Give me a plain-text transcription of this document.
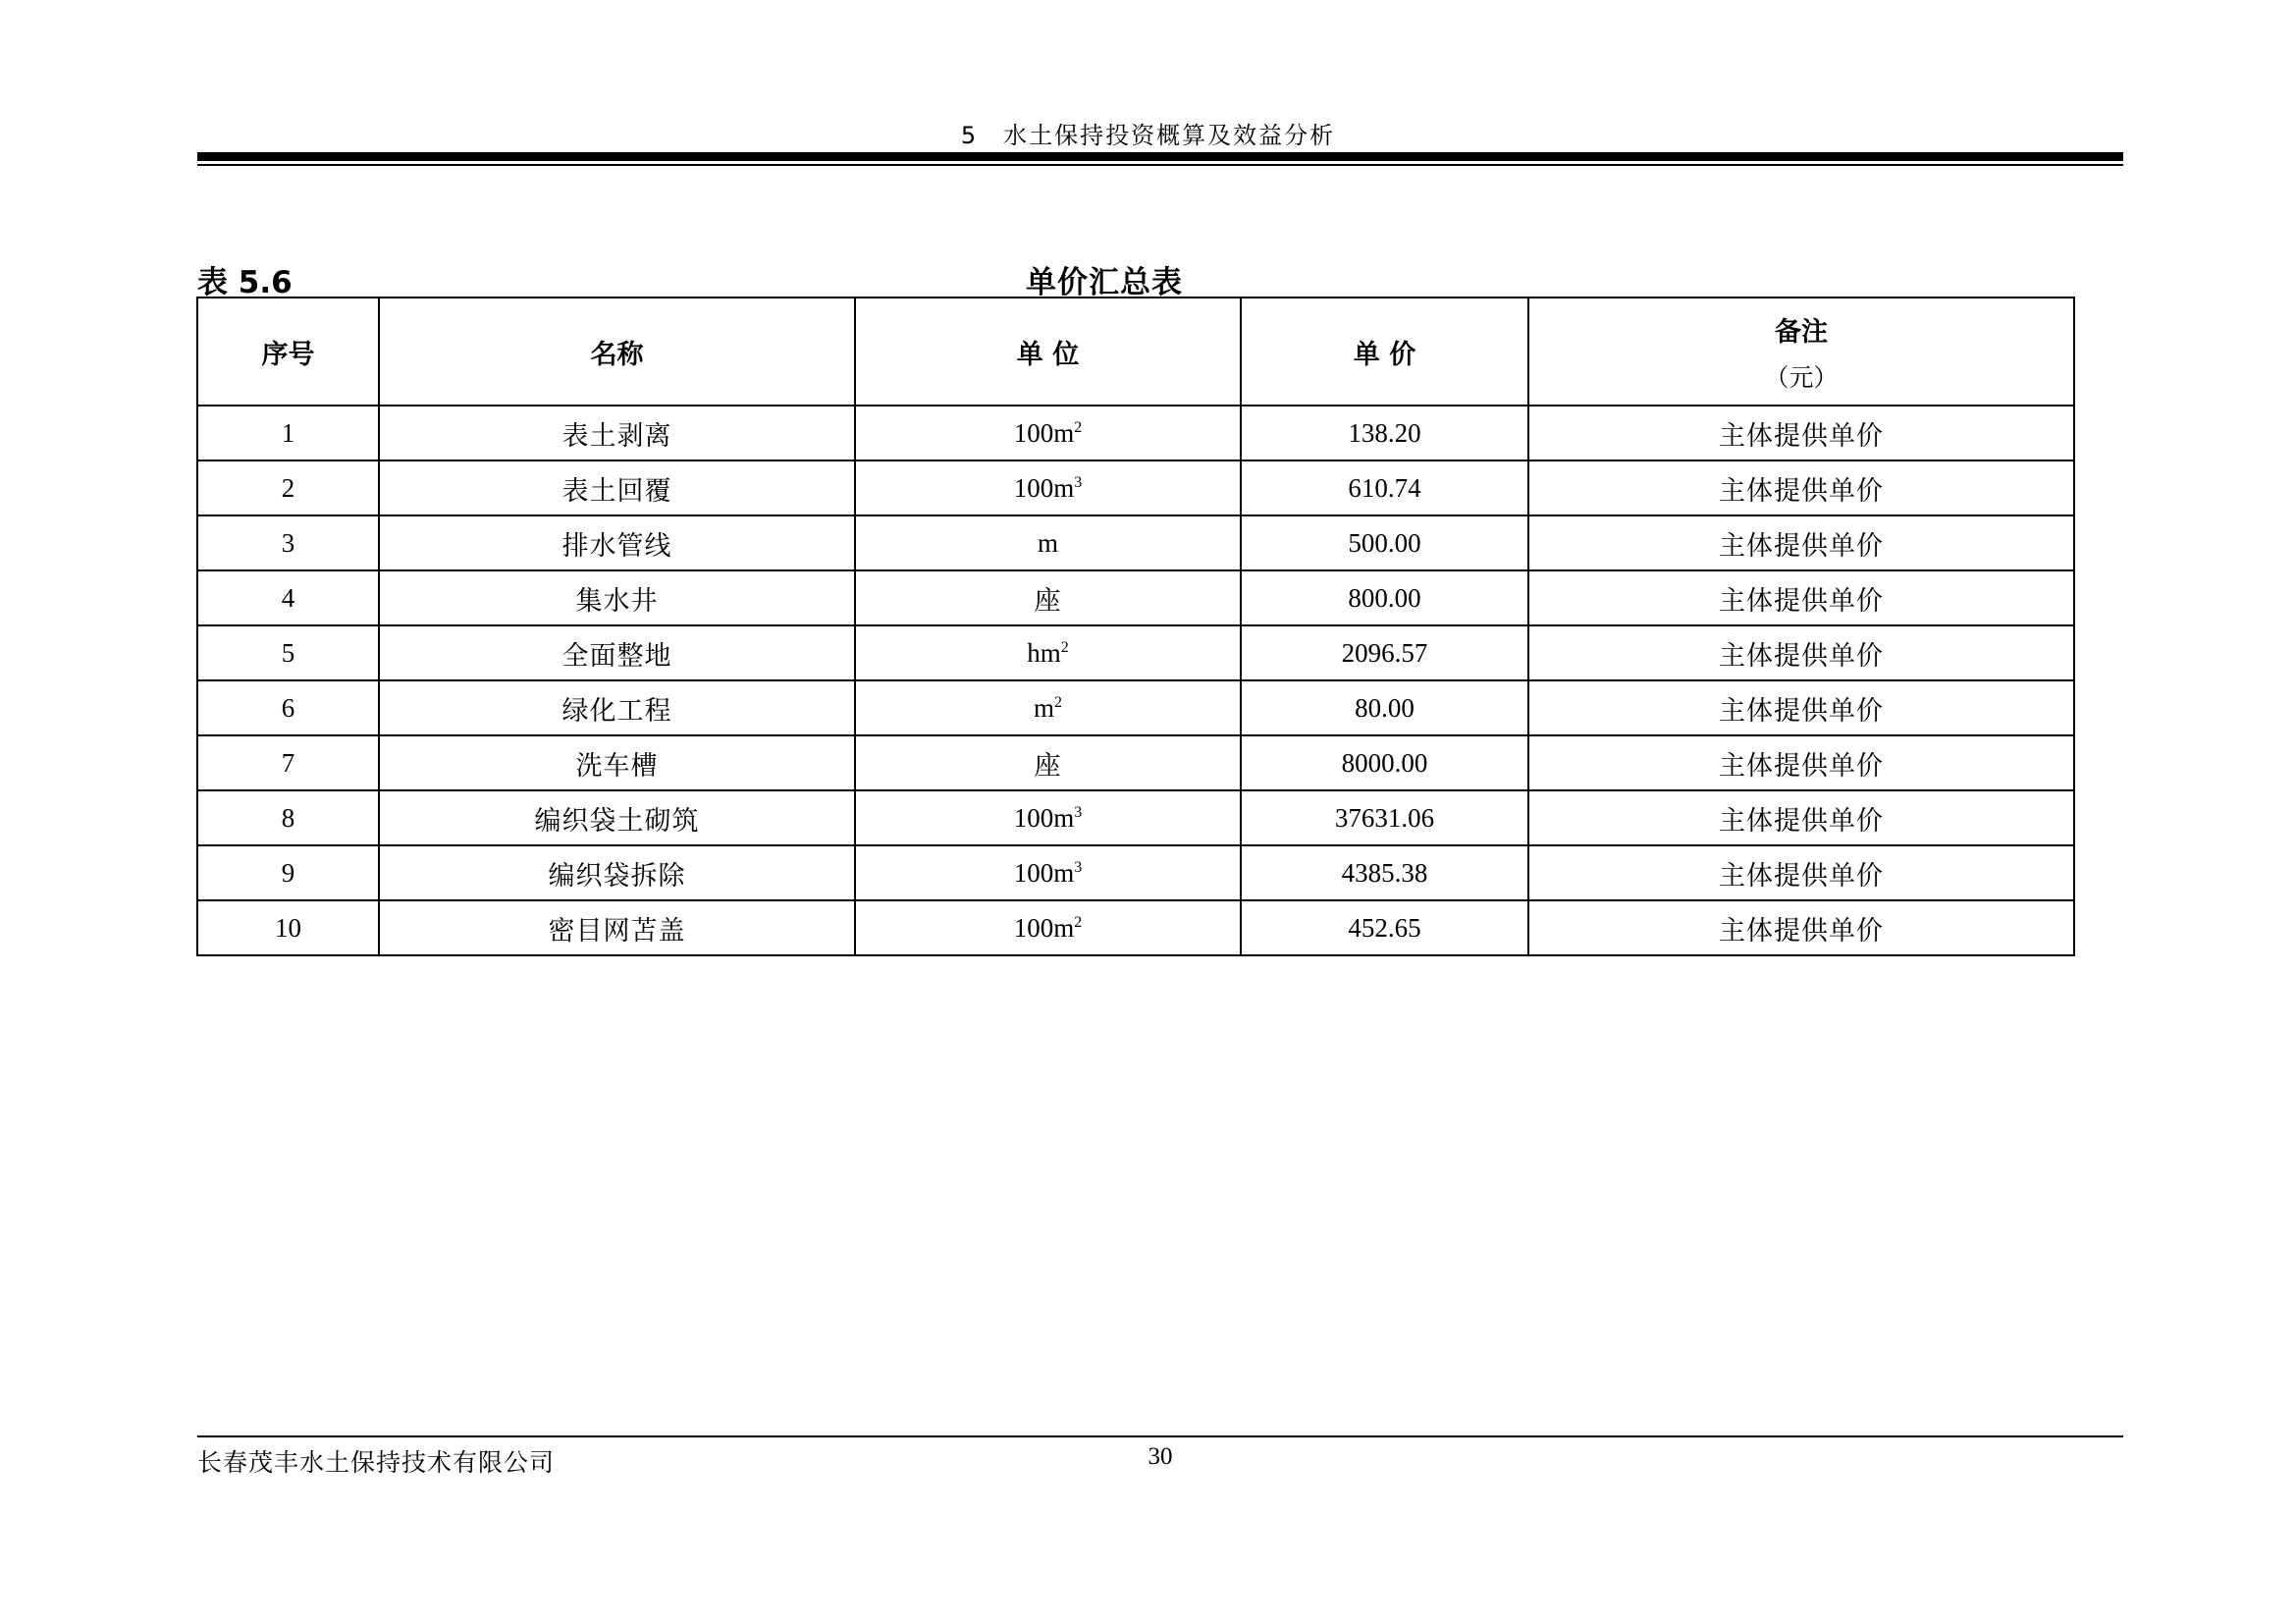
5　水土保持投资概算及效益分析
表 5.6	单价汇总表
序号	名称	单 位	单 价	备注
（元）

1	表土剥离	$100m^2$	138.20	主体提供单价
2	表土回覆	$100m^3$	610.74	主体提供单价
3	排水管线	m	500.00	主体提供单价
4	集水井	座	800.00	主体提供单价
5	全面整地	$hm^2$	2096.57	主体提供单价
6	绿化工程	$m^2$	80.00	主体提供单价
7	洗车槽	座	8000.00	主体提供单价
8	编织袋土砌筑	$100m^3$	37631.06	主体提供单价
9	编织袋拆除	$100m^3$	4385.38	主体提供单价
10	密目网苫盖	$100m^2$	452.65	主体提供单价
长春茂丰水土保持技术有限公司	30
